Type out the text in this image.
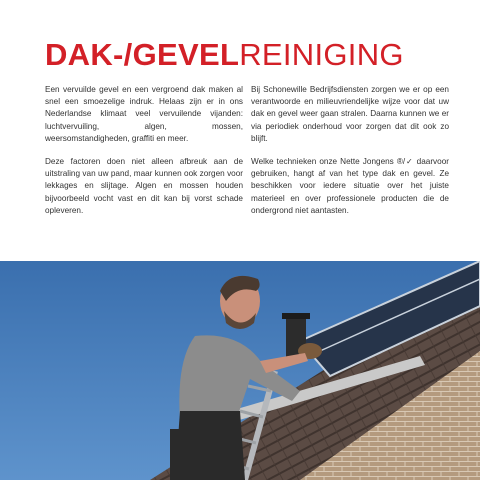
DAK-/GEVELREINIGING

Een vervuilde gevel en een vergroend dak maken al snel een smoezelige indruk. Helaas zijn er in ons Nederlandse klimaat veel vervuilende vijanden: luchtvervuiling, algen, mossen, weersomstandigheden, graffiti en meer.

Deze factoren doen niet alleen afbreuk aan de uitstraling van uw pand, maar kunnen ook zorgen voor lekkages en slijtage. Algen en mossen houden bijvoorbeeld vocht vast en dit kan bij vorst schade opleveren.

Bij Schonewille Bedrijfsdiensten zorgen we er op een verantwoorde en milieuvriendelijke wijze voor dat uw dak en gevel weer gaan stralen. Daarna kunnen we er via periodiek onderhoud voor zorgen dat dit ook zo blijft.

Welke technieken onze Nette Jongens ®/✓ daarvoor gebruiken, hangt af van het type dak en gevel. Ze beschikken voor iedere situatie over het juiste materieel en over professionele producten die de ondergrond niet aantasten.
